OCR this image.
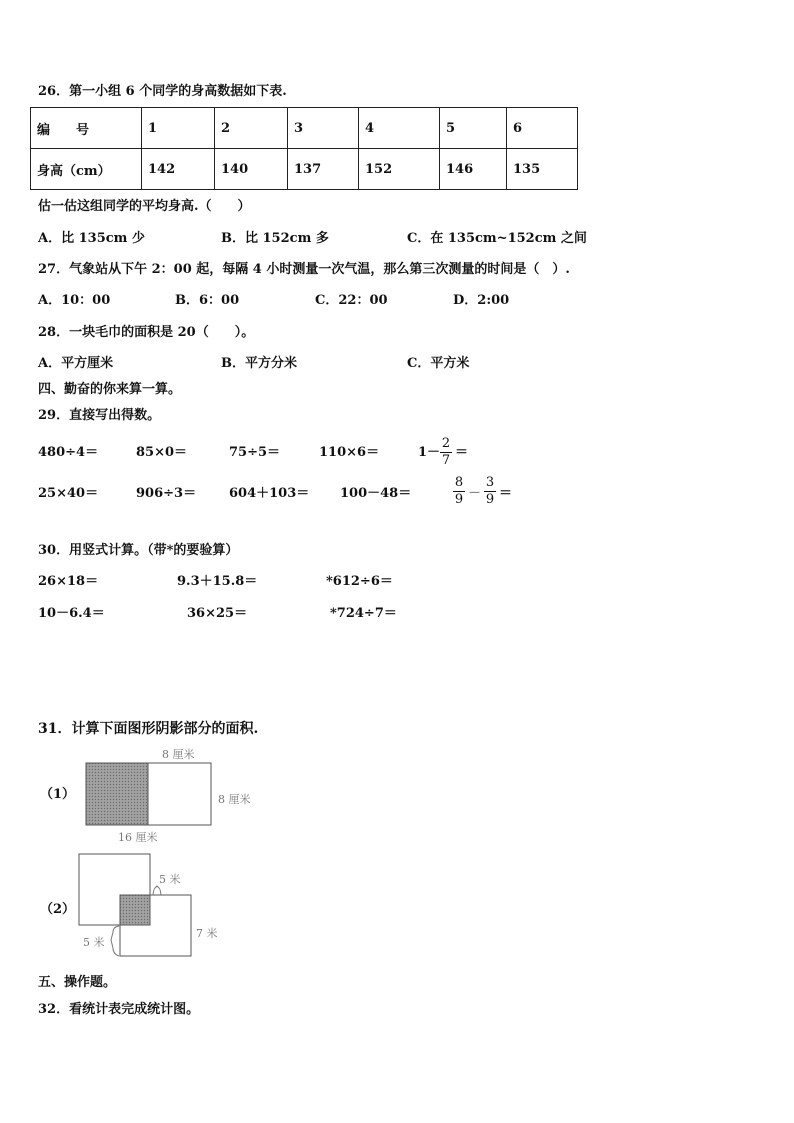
26．第一小组 6 个同学的身高数据如下表.
编　　号	1	2	3	4	5	6
身高（cm）	142	140	137	152	146	135
估一估这组同学的平均身高.（　　）
A．比 135cm 少	B．比 152cm 多	C．在 135cm~152cm 之间
27．气象站从下午 2：00 起，每隔 4 小时测量一次气温，那么第三次测量的时间是（　）.
A．10：00	B．6：00	C．22：00	D．2:00
28．一块毛巾的面积是 20（　　）。
A．平方厘米	B．平方分米	C．平方米
四、勤奋的你来算一算。
29．直接写出得数。
480÷4＝	85×0＝	75÷5＝	110×6＝	1－
2
7
＝
25×40＝	906÷3＝	604＋103＝ 100－48＝
8
9 －
3
9 ＝
30．用竖式计算。（带*的要验算）
26×18＝	9.3＋15.8＝	*612÷6＝
10－6.4＝	36×25＝	*724÷7＝
31．计算下面图形阴影部分的面积.
（1）
8 厘米
8 厘米
16 厘米
（2）
5 米
7 米
5 米
五、操作题。
32．看统计表完成统计图。
